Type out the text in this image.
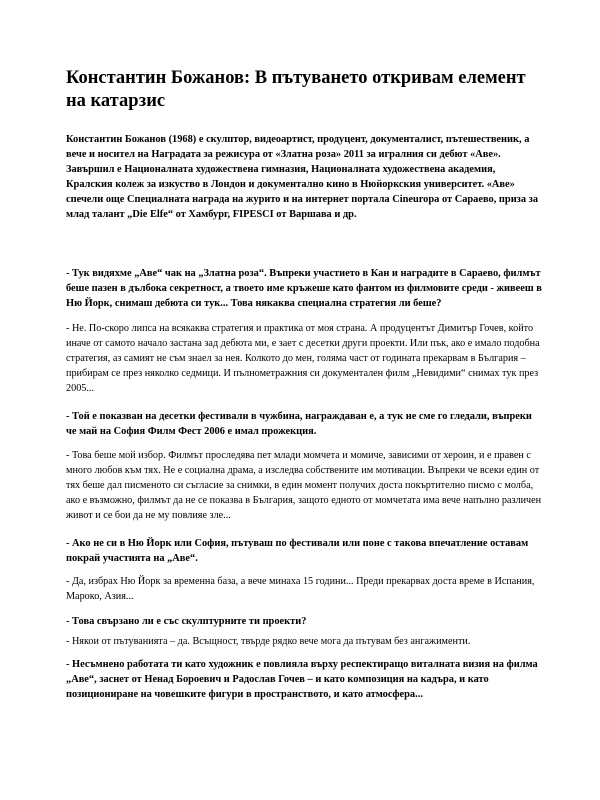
Константин Божанов: В пътуването откривам елемент на катарзис

Константин Божанов (1968) е скулптор, видеоартист, продуцент, документалист, пътешественик, а вече и носител на Наградата за режисура от «Златна роза» 2011 за игралния си дебют «Аве». Завършил е Националната художествена гимназия, Националната художествена академия, Кралския колеж за изкуство в Лондон и документално кино в Нюйоркския университет. «Аве» спечели още Специалната награда на журито и на интернет портала Cineuropa от Сараево, приза за млад талант „Die Elfe“ от Хамбург, FIPESCI от Варшава и др.

- Тук видяхме „Аве“ чак на „Златна роза“. Въпреки участието в Кан и наградите в Сараево, филмът беше пазен в дълбока секретност, а твоето име кръжеше като фантом из филмовите среди - живееш в Ню Йорк, снимаш дебюта си тук... Това някаква специална стратегия ли беше?

- Не. По-скоро липса на всякаква стратегия и практика от моя страна. А продуцентът Димитър Гочев, който иначе от самото начало застана зад дебюта ми, е зает с десетки други проекти. Или пък, ако е имало подобна стратегия, аз самият не съм знаел за нея. Колкото до мен, голяма част от годината прекарвам в България – прибирам се през няколко седмици. И пълнометражния си документален филм „Невидими“ снимах тук през 2005...

- Той е показван на десетки фестивали в чужбина, награждаван е, а тук не сме го гледали, въпреки че май на София Филм Фест 2006 е имал прожекция.

- Това беше мой избор. Филмът проследява пет млади момчета и момиче, зависими от хероин, и е правен с много любов към тях. Не е социална драма, а изследва собствените им мотивации. Въпреки че всеки един от тях беше дал писменото си съгласие за снимки, в един момент получих доста покъртително писмо с молба, ако е възможно, филмът да не се показва в България, защото едното от момчетата има вече напълно различен живот и се бои да не му повлияе зле...

- Ако не си в Ню Йорк или София, пътуваш по фестивали или поне с такова впечатление оставам покрай участията на „Аве“.

- Да, избрах Ню Йорк за временна база, а вече минаха 15 години... Преди прекарвах доста време в Испания, Мароко, Азия...

- Това свързано ли е със скулптурните ти проекти?

- Някои от пътуванията – да. Всъщност, твърде рядко вече мога да пътувам без ангажименти.

- Несъмнено работата ти като художник е повлияла върху респектиращо виталната визия на филма „Аве“, заснет от Ненад Бороевич и Радослав Гочев – и като композиция на кадъра, и като позициониране на човешките фигури в пространството, и като атмосфера...
